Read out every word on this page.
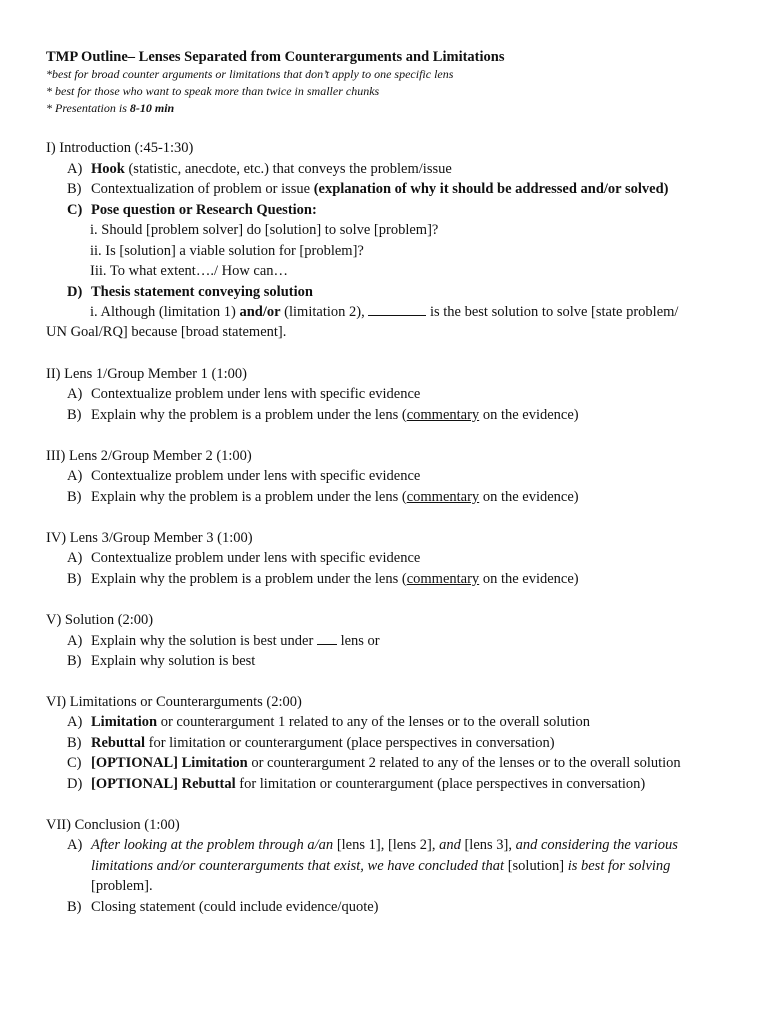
TMP Outline– Lenses Separated from Counterarguments and Limitations
*best for broad counter arguments or limitations that don’t apply to one specific lens
* best for those who want to speak more than twice in smaller chunks
* Presentation is 8-10 min
I) Introduction (:45-1:30)
A) Hook (statistic, anecdote, etc.) that conveys the problem/issue
B) Contextualization of problem or issue (explanation of why it should be addressed and/or solved)
C) Pose question or Research Question:
i. Should [problem solver] do [solution] to solve [problem]?
ii. Is [solution] a viable solution for [problem]?
Iii. To what extent…./ How can…
D) Thesis statement conveying solution
i. Although (limitation 1) and/or (limitation 2),	is the best solution to solve [state problem/
UN Goal/RQ] because [broad statement].
II) Lens 1/Group Member 1 (1:00)
A) Contextualize problem under lens with specific evidence
B) Explain why the problem is a problem under the lens (commentary on the evidence)
III) Lens 2/Group Member 2 (1:00)
A) Contextualize problem under lens with specific evidence
B) Explain why the problem is a problem under the lens (commentary on the evidence)
IV) Lens 3/Group Member 3 (1:00)
A) Contextualize problem under lens with specific evidence
B) Explain why the problem is a problem under the lens (commentary on the evidence)
V) Solution (2:00)
A) Explain why the solution is best under  lens or
B) Explain why solution is best
VI) Limitations or Counterarguments (2:00)
A) Limitation or counterargument 1 related to any of the lenses or to the overall solution
B) Rebuttal for limitation or counterargument (place perspectives in conversation)
C) [OPTIONAL] Limitation or counterargument 2 related to any of the lenses or to the overall solution
D) [OPTIONAL] Rebuttal for limitation or counterargument (place perspectives in conversation)
VII) Conclusion (1:00)
A) After looking at the problem through a/an [lens 1], [lens 2], and [lens 3], and considering the various
limitations and/or counterarguments that exist, we have concluded that [solution] is best for solving
[problem].
B) Closing statement (could include evidence/quote)
